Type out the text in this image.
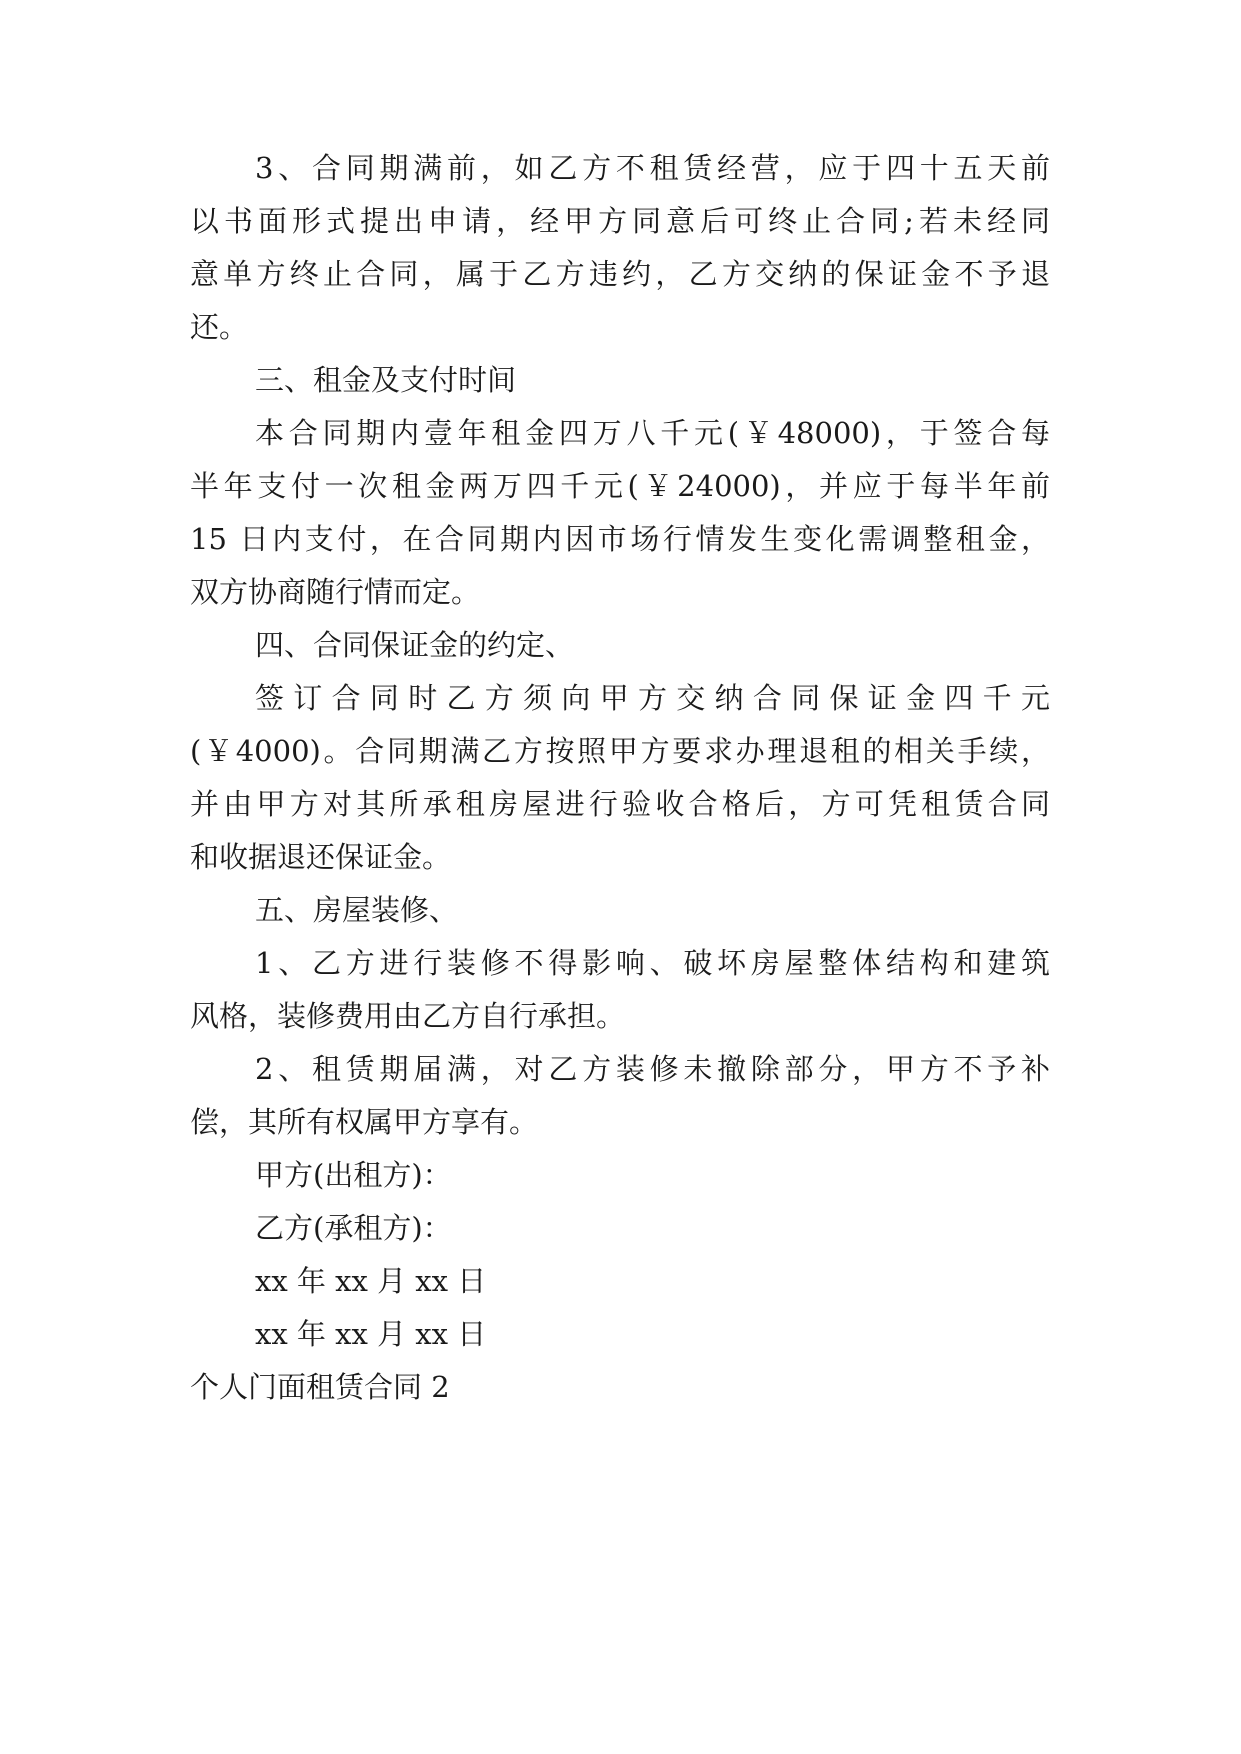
3、合同期满前，如乙方不租赁经营，应于四十五天前
以书面形式提出申请，经甲方同意后可终止合同;若未经同
意单方终止合同，属于乙方违约，乙方交纳的保证金不予退
还。
三、租金及支付时间
本合同期内壹年租金四万八千元(￥48000)，于签合每
半年支付一次租金两万四千元(￥24000)，并应于每半年前
15 日内支付，在合同期内因市场行情发生变化需调整租金，
双方协商随行情而定。
四、合同保证金的约定、
签订合同时乙方须向甲方交纳合同保证金四千元
(￥4000)。合同期满乙方按照甲方要求办理退租的相关手续，
并由甲方对其所承租房屋进行验收合格后，方可凭租赁合同
和收据退还保证金。
五、房屋装修、
1、乙方进行装修不得影响、破坏房屋整体结构和建筑
风格，装修费用由乙方自行承担。
2、租赁期届满，对乙方装修未撤除部分，甲方不予补
偿，其所有权属甲方享有。
甲方(出租方)：
乙方(承租方)：
xx 年 xx 月 xx 日
xx 年 xx 月 xx 日
个人门面租赁合同 2
